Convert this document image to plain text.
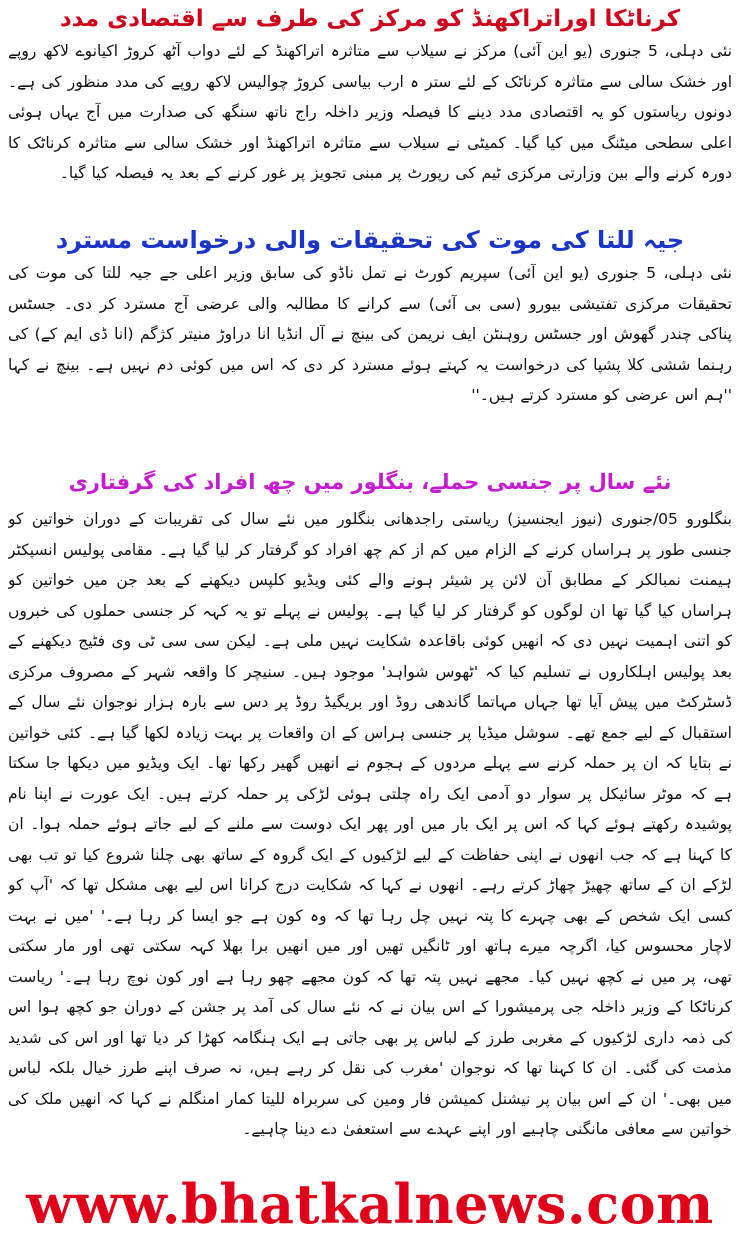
کرناٹکا اوراتراکھنڈ کو مرکز کی طرف سے اقتصادی مدد

نئی دہلی، 5 جنوری (یو این آئی) مرکز نے سیلاب سے متاثرہ اتراکھنڈ کے لئے دواب آٹھ کروڑ اکیانوے لاکھ روپے اور خشک سالی سے متاثرہ کرناٹک کے لئے ستر ہ ارب بیاسی کروڑ چوالیس لاکھ روپے کی مدد منظور کی ہے۔ دونوں ریاستوں کو یہ اقتصادی مدد دینے کا فیصلہ وزیر داخلہ راج ناتھ سنگھ کی صدارت میں آج یہاں ہوئی اعلی سطحی میٹنگ میں کیا گیا۔ کمیٹی نے سیلاب سے متاثرہ اتراکھنڈ اور خشک سالی سے متاثرہ کرناٹک کا دورہ کرنے والے بین وزارتی مرکزی ٹیم کی رپورٹ پر مبنی تجویز پر غور کرنے کے بعد یہ فیصلہ کیا گیا۔

جیہ للتا کی موت کی تحقیقات والی درخواست مسترد

نئی دہلی، 5 جنوری (یو این آئی) سپریم کورٹ نے تمل ناڈو کی سابق وزیر اعلی جے جیہ للتا کی موت کی تحقیقات مرکزی تفتیشی بیورو (سی بی آئی) سے کرانے کا مطالبہ والی عرضی آج مسترد کر دی۔ جسٹس پناکی چندر گھوش اور جسٹس روہنٹن ایف نریمن کی بینچ نے آل انڈیا انا دراوڑ منیتر کژگم (انا ڈی ایم کے) کی رہنما ششی کلا پشپا کی درخواست یہ کہتے ہوئے مسترد کر دی کہ اس میں کوئی دم نہیں ہے۔ بینچ نے کہا ''ہم اس عرضی کو مسترد کرتے ہیں۔''

نئے سال پر جنسی حملے، بنگلور میں چھ افراد کی گرفتاری

بنگلورو 05/جنوری (نیوز ایجنسیز) ریاستی راجدھانی بنگلور میں نئے سال کی تقریبات کے دوران خواتین کو جنسی طور پر ہراساں کرنے کے الزام میں کم از کم چھ افراد کو گرفتار کر لیا گیا ہے۔ مقامی پولیس انسپکٹر ہیمنت نمبالکر کے مطابق آن لائن پر شیئر ہونے والے کئی ویڈیو کلپس دیکھنے کے بعد جن میں خواتین کو ہراساں کیا گیا تھا ان لوگوں کو گرفتار کر لیا گیا ہے۔ پولیس نے پہلے تو یہ کہہ کر جنسی حملوں کی خبروں کو اتنی اہمیت نہیں دی کہ انھیں کوئی باقاعدہ شکایت نہیں ملی ہے۔ لیکن سی سی ٹی وی فٹیج دیکھنے کے بعد پولیس اہلکاروں نے تسلیم کیا کہ 'ٹھوس شواہد' موجود ہیں۔ سنیچر کا واقعہ شہر کے مصروف مرکزی ڈسٹرکٹ میں پیش آیا تھا جہاں مہاتما گاندھی روڈ اور بریگیڈ روڈ پر دس سے بارہ ہزار نوجوان نئے سال کے استقبال کے لیے جمع تھے۔ سوشل میڈیا پر جنسی ہراس کے ان واقعات پر بہت زیادہ لکھا گیا ہے۔ کئی خواتین نے بتایا کہ ان پر حملہ کرنے سے پہلے مردوں کے ہجوم نے انھیں گھیر رکھا تھا۔ ایک ویڈیو میں دیکھا جا سکتا ہے کہ موٹر سائیکل پر سوار دو آدمی ایک راہ چلتی ہوئی لڑکی پر حملہ کرتے ہیں۔ ایک عورت نے اپنا نام پوشیدہ رکھتے ہوئے کہا کہ اس پر ایک بار میں اور پھر ایک دوست سے ملنے کے لیے جاتے ہوئے حملہ ہوا۔ ان کا کہنا ہے کہ جب انھوں نے اپنی حفاظت کے لیے لڑکیوں کے ایک گروہ کے ساتھ بھی چلنا شروع کیا تو تب بھی لڑکے ان کے ساتھ چھیڑ چھاڑ کرتے رہے۔ انھوں نے کہا کہ شکایت درج کرانا اس لیے بھی مشکل تھا کہ 'آپ کو کسی ایک شخص کے بھی چہرے کا پتہ نہیں چل رہا تھا کہ وہ کون ہے جو ایسا کر رہا ہے۔' 'میں نے بہت لاچار محسوس کیا، اگرچہ میرے ہاتھ اور ٹانگیں تھیں اور میں انھیں برا بھلا کہہ سکتی تھی اور مار سکتی تھی، پر میں نے کچھ نہیں کیا۔ مجھے نہیں پتہ تھا کہ کون مجھے چھو رہا ہے اور کون نوچ رہا ہے۔' ریاست کرناٹکا کے وزیر داخلہ جی پرمیشورا کے اس بیان نے کہ نئے سال کی آمد پر جشن کے دوران جو کچھ ہوا اس کی ذمہ داری لڑکیوں کے مغربی طرز کے لباس پر بھی جاتی ہے ایک ہنگامہ کھڑا کر دیا تھا اور اس کی شدید مذمت کی گئی۔ ان کا کہنا تھا کہ نوجوان 'مغرب کی نقل کر رہے ہیں، نہ صرف اپنے طرز خیال بلکہ لباس میں بھی۔' ان کے اس بیان پر نیشنل کمیشن فار ومین کی سربراہ للیتا کمار امنگلم نے کہا کہ انھیں ملک کی خواتین سے معافی مانگنی چاہیے اور اپنے عہدے سے استعفیٰ دے دینا چاہیے۔

www.bhatkalnews.com
